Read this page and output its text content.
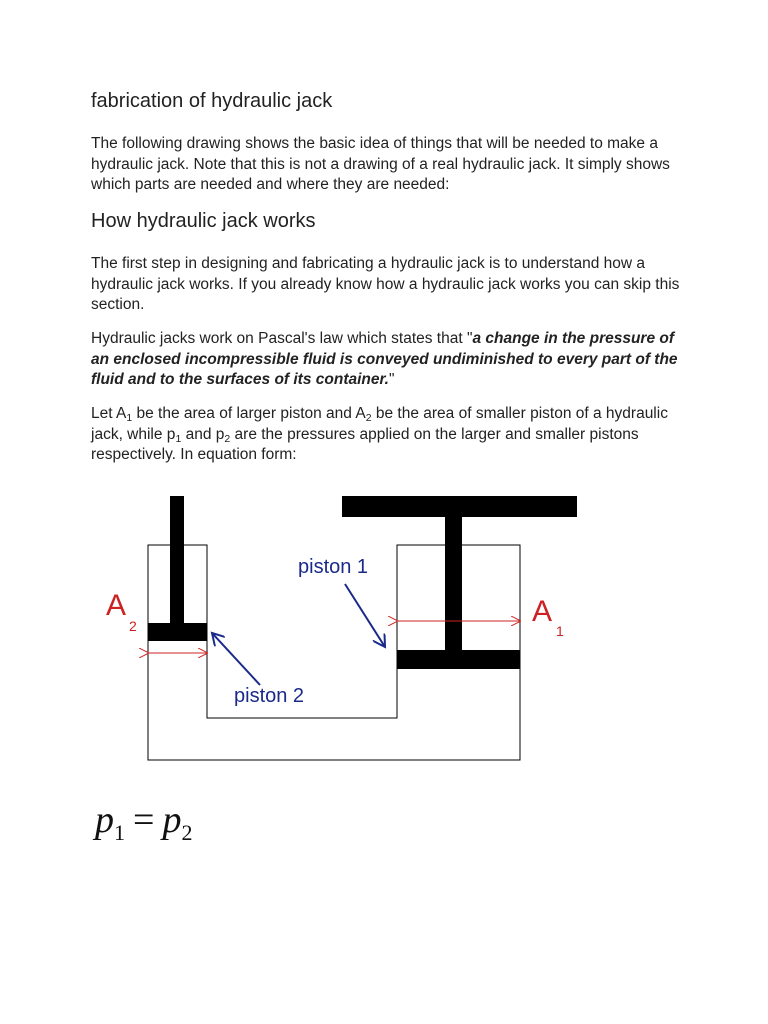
fabrication of hydraulic jack

The following drawing shows the basic idea of things that will be needed to make a hydraulic jack. Note that this is not a drawing of a real hydraulic jack. It simply shows which parts are needed and where they are needed:

How hydraulic jack works

The first step in designing and fabricating a hydraulic jack is to understand how a hydraulic jack works. If you already know how a hydraulic jack works you can skip this section.

Hydraulic jacks work on Pascal's law which states that "a change in the pressure of an enclosed incompressible fluid is conveyed undiminished to every part of the fluid and to the surfaces of its container."

Let $A_1$ be the area of larger piston and $A_2$ be the area of smaller piston of a hydraulic jack, while $p_1$ and $p_2$ are the pressures applied on the larger and smaller pistons respectively. In equation form:

piston 1
piston 2
A
2	A
1
$p_1 = p_2$
